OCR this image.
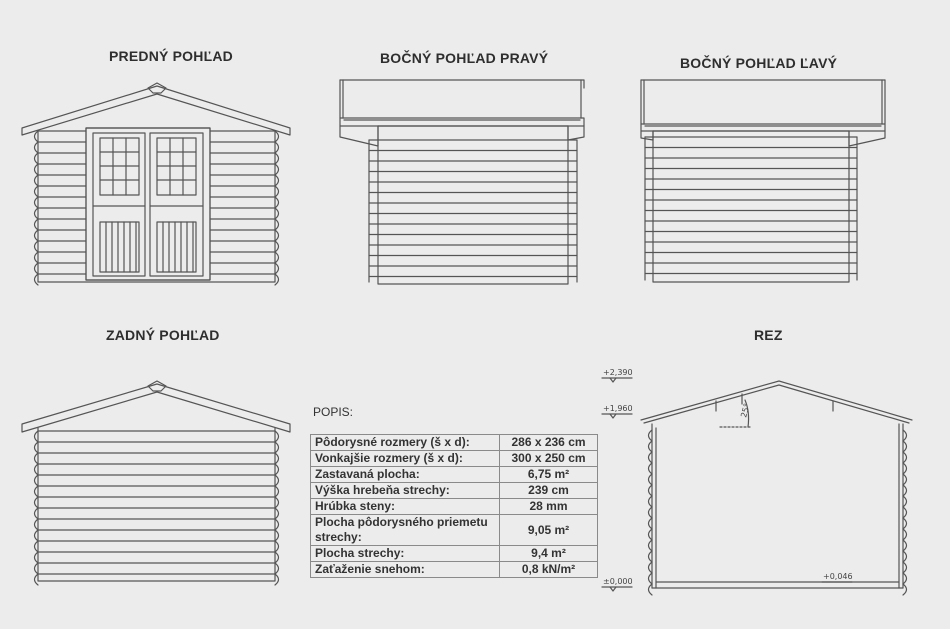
PREDNÝ POHĽAD	BOČNÝ POHĽAD PRAVÝ	BOČNÝ POHĽAD ĽAVÝ
ZADNÝ POHĽAD	REZ
+2,390
+1,960
±0,000
+0,046
25°
POPIS:
Pôdorysné rozmery (š x d):	286 x 236 cm
Vonkajšie rozmery (š x d):	300 x 250 cm
Zastavaná plocha:	6,75 m²
Výška hrebeňa strechy:	239 cm
Hrúbka steny:	28 mm
Plocha pôdorysného priemetu strechy:	9,05 m²
Plocha strechy:	9,4 m²
Zaťaženie snehom:	0,8 kN/m²
